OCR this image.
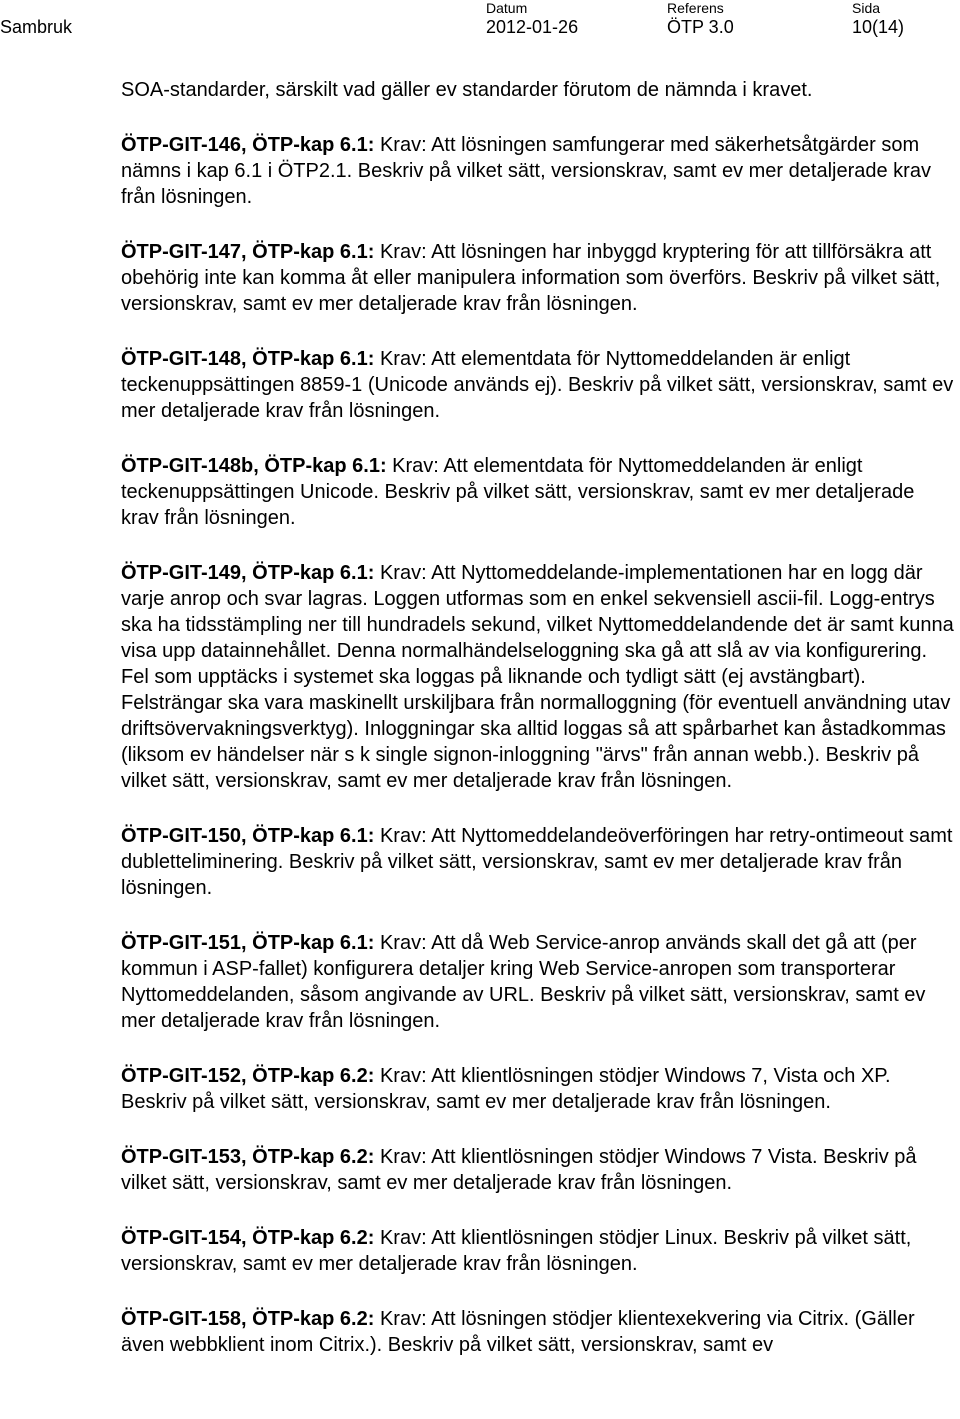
Sambruk
Datum
2012-01-26
Referens
ÖTP 3.0
Sida
10(14)

SOA-standarder, särskilt vad gäller ev standarder förutom de nämnda i kravet.

ÖTP-GIT-146, ÖTP-kap 6.1: Krav: Att lösningen samfungerar med säkerhetsåtgärder som nämns i kap 6.1 i ÖTP2.1. Beskriv på vilket sätt, versionskrav, samt ev mer detaljerade krav från lösningen.

ÖTP-GIT-147, ÖTP-kap 6.1: Krav: Att lösningen har inbyggd kryptering för att tillförsäkra att obehörig inte kan komma åt eller manipulera information som överförs. Beskriv på vilket sätt, versionskrav, samt ev mer detaljerade krav från lösningen.

ÖTP-GIT-148, ÖTP-kap 6.1: Krav: Att elementdata för Nyttomeddelanden är enligt teckenuppsättingen 8859-1 (Unicode används ej). Beskriv på vilket sätt, versionskrav, samt ev mer detaljerade krav från lösningen.

ÖTP-GIT-148b, ÖTP-kap 6.1: Krav: Att elementdata för Nyttomeddelanden är enligt teckenuppsättingen Unicode. Beskriv på vilket sätt, versionskrav, samt ev mer detaljerade krav från lösningen.

ÖTP-GIT-149, ÖTP-kap 6.1: Krav: Att Nyttomeddelande-implementationen har en logg där varje anrop och svar lagras. Loggen utformas som en enkel sekvensiell ascii-fil. Logg-entrys ska ha tidsstämpling ner till hundradels sekund, vilket Nyttomeddelandende det är samt kunna visa upp datainnehållet. Denna normalhändelseloggning ska gå att slå av via konfigurering. Fel som upptäcks i systemet ska loggas på liknande och tydligt sätt (ej avstängbart). Felsträngar ska vara maskinellt urskiljbara från normalloggning (för eventuell användning utav driftsövervakningsverktyg). Inloggningar ska alltid loggas så att spårbarhet kan åstadkommas (liksom ev händelser när s k single signon-inloggning "ärvs" från annan webb.). Beskriv på vilket sätt, versionskrav, samt ev mer detaljerade krav från lösningen.

ÖTP-GIT-150, ÖTP-kap 6.1: Krav: Att Nyttomeddelandeöverföringen har retry-ontimeout samt dubletteliminering. Beskriv på vilket sätt, versionskrav, samt ev mer detaljerade krav från lösningen.

ÖTP-GIT-151, ÖTP-kap 6.1: Krav: Att då Web Service-anrop används skall det gå att (per kommun i ASP-fallet) konfigurera detaljer kring Web Service-anropen som transporterar Nyttomeddelanden, såsom angivande av URL. Beskriv på vilket sätt, versionskrav, samt ev mer detaljerade krav från lösningen.

ÖTP-GIT-152, ÖTP-kap 6.2: Krav: Att klientlösningen stödjer Windows 7, Vista och XP. Beskriv på vilket sätt, versionskrav, samt ev mer detaljerade krav från lösningen.

ÖTP-GIT-153, ÖTP-kap 6.2: Krav: Att klientlösningen stödjer Windows 7 Vista. Beskriv på vilket sätt, versionskrav, samt ev mer detaljerade krav från lösningen.

ÖTP-GIT-154, ÖTP-kap 6.2: Krav: Att klientlösningen stödjer Linux. Beskriv på vilket sätt, versionskrav, samt ev mer detaljerade krav från lösningen.

ÖTP-GIT-158, ÖTP-kap 6.2: Krav: Att lösningen stödjer klientexekvering via Citrix. (Gäller även webbklient inom Citrix.). Beskriv på vilket sätt, versionskrav, samt ev
